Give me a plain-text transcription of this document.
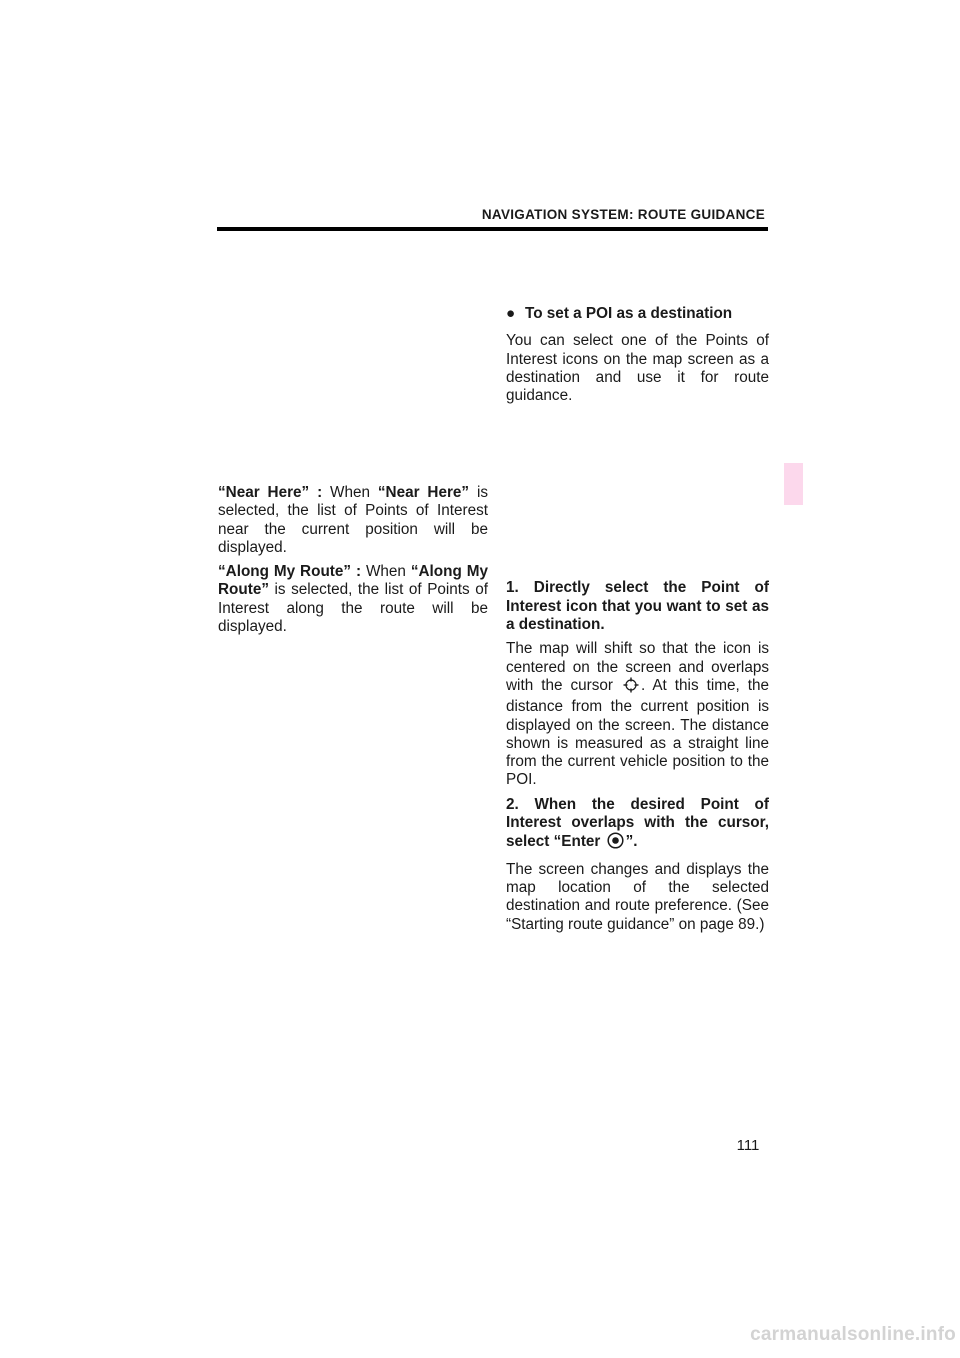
NAVIGATION SYSTEM: ROUTE GUIDANCE

“Near Here” : When “Near Here” is selected, the list of Points of Interest near the current position will be displayed.

“Along My Route” : When “Along My Route” is selected, the list of Points of Interest along the route will be displayed.

● To set a POI as a destination

You can select one of the Points of Interest icons on the map screen as a destination and use it for route guidance.

1. Directly select the Point of Interest icon that you want to set as a destination.

The map will shift so that the icon is centered on the screen and overlaps with the cursor . At this time, the distance from the current position is displayed on the screen. The distance shown is measured as a straight line from the current vehicle position to the POI.

2. When the desired Point of Interest overlaps with the cursor, select “Enter ”.

The screen changes and displays the map location of the selected destination and route preference. (See “Starting route guidance” on page 89.)

111
carmanualsonline.info
